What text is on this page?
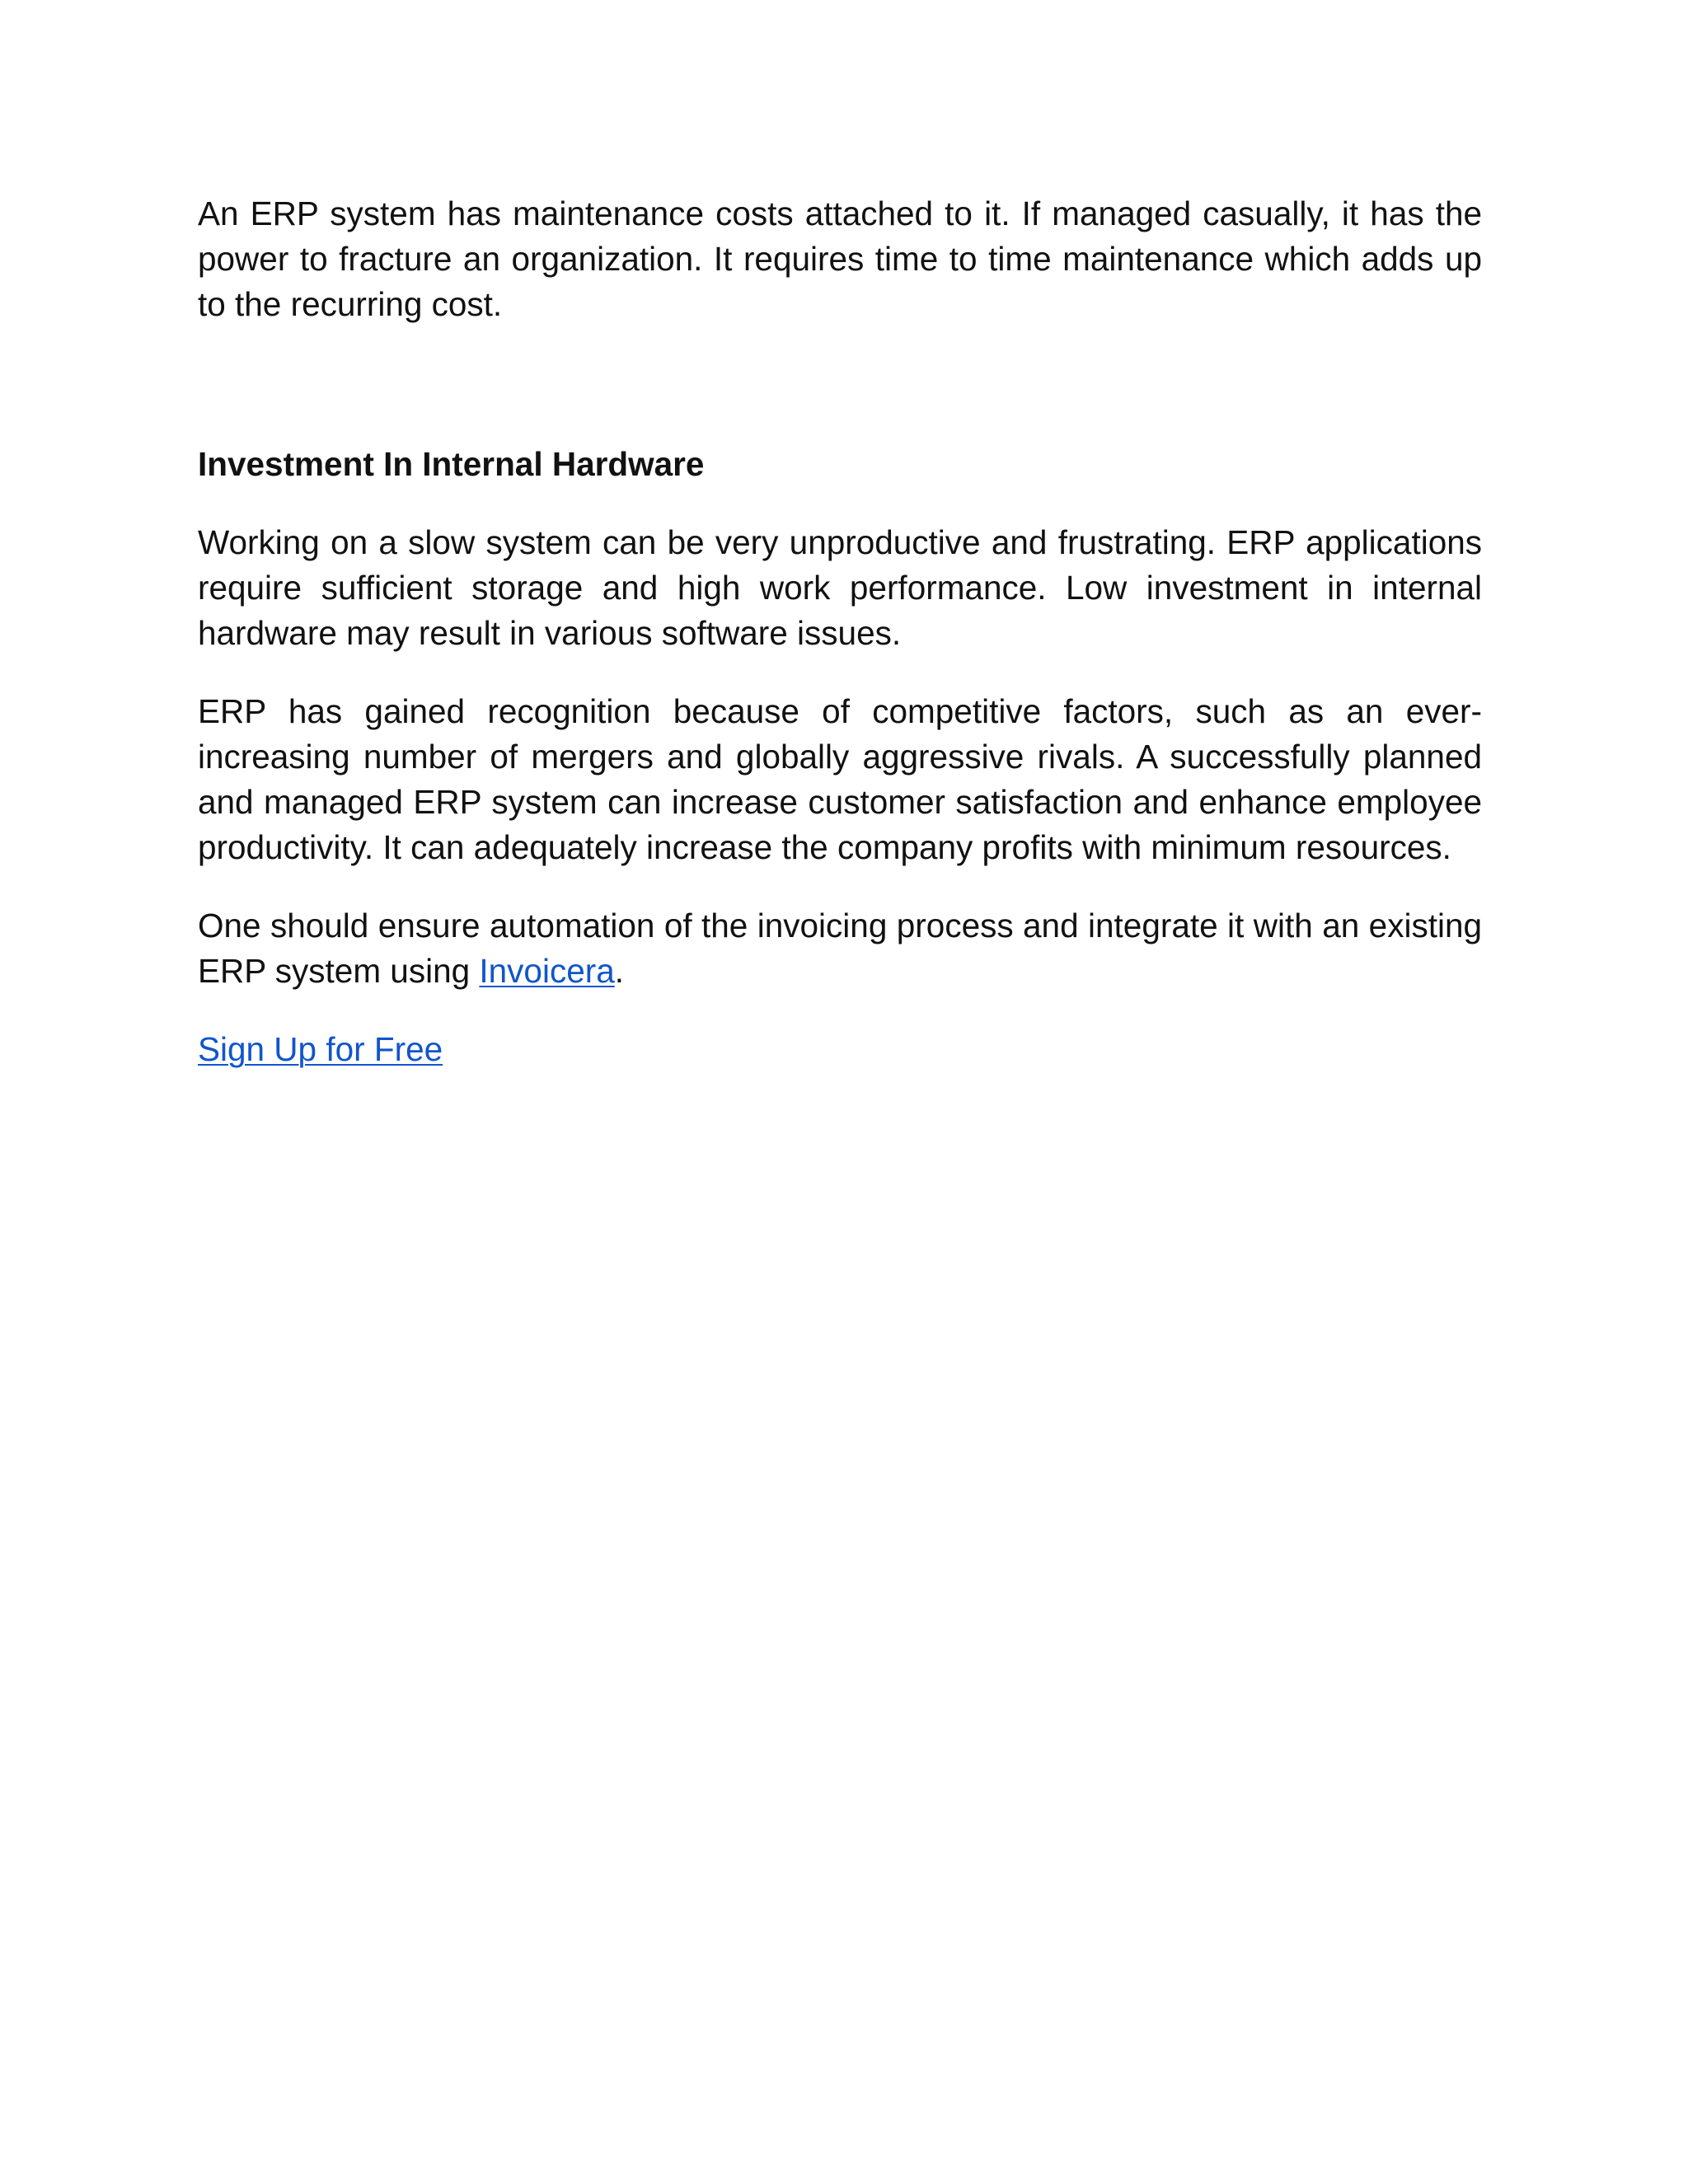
An ERP system has maintenance costs attached to it. If managed casually, it has the power to fracture an organization. It requires time to time maintenance which adds up to the recurring cost.

Investment In Internal Hardware

Working on a slow system can be very unproductive and frustrating. ERP applications require sufficient storage and high work performance. Low investment in internal hardware may result in various software issues.

ERP has gained recognition because of competitive factors, such as an ever-increasing number of mergers and globally aggressive rivals. A successfully planned and managed ERP system can increase customer satisfaction and enhance employee productivity. It can adequately increase the company profits with minimum resources.

One should ensure automation of the invoicing process and integrate it with an existing ERP system using Invoicera.

Sign Up for Free
